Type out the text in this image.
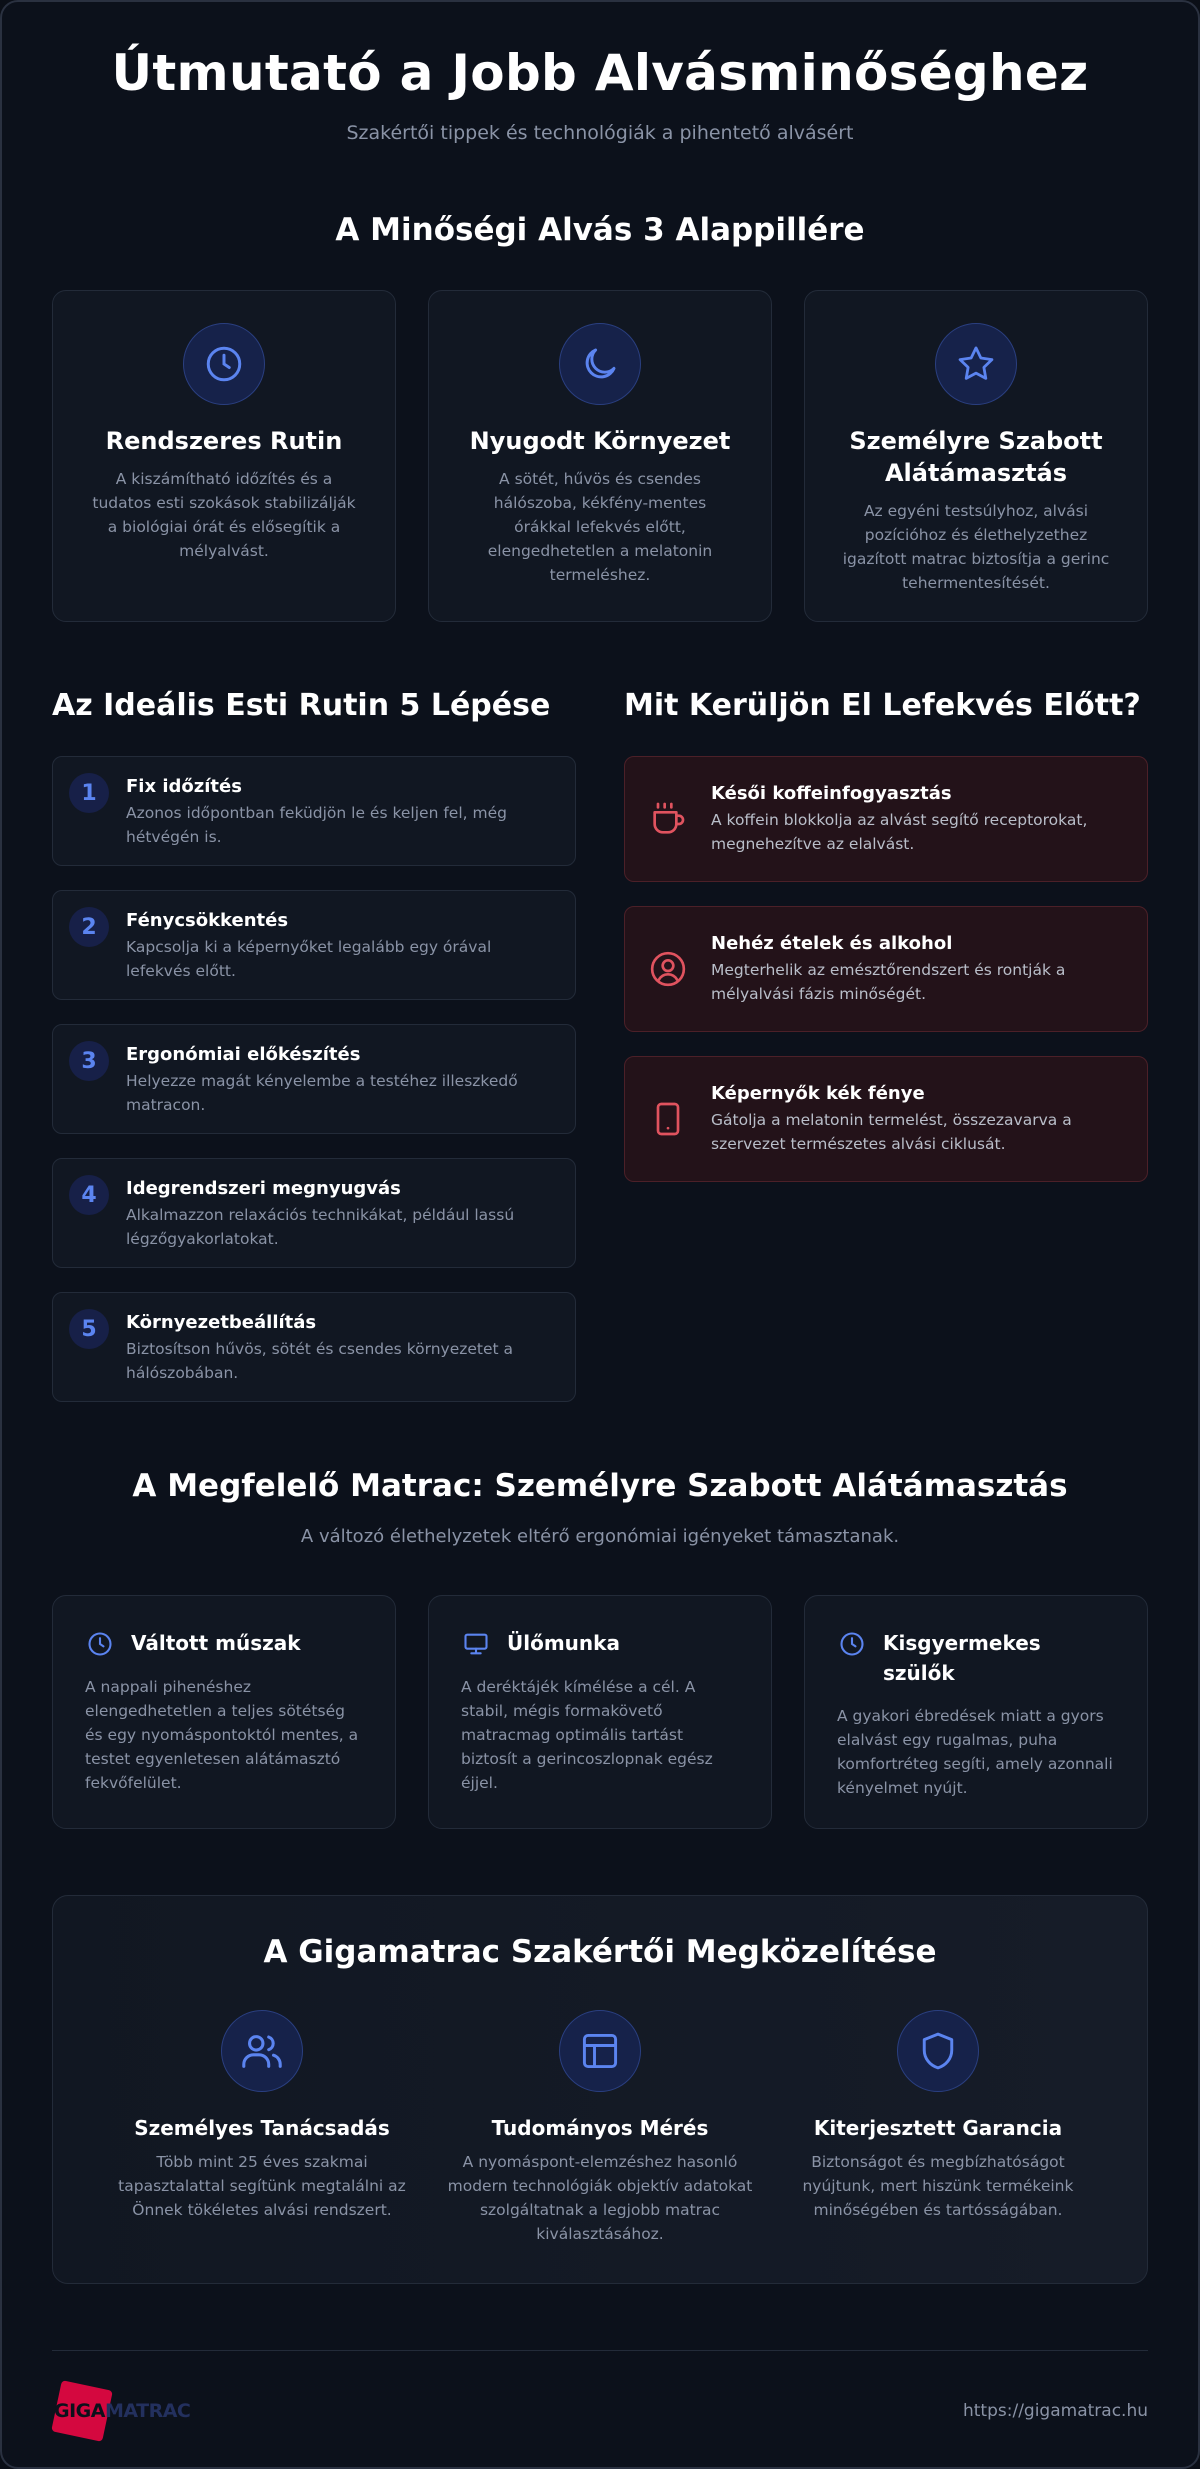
Útmutató a Jobb Alvásminőséghez
Szakértői tippek és technológiák a pihentető alvásért
A Minőségi Alvás 3 Alappillére
Rendszeres Rutin
A kiszámítható időzítés és a tudatos esti szokások stabilizálják a biológiai órát és elősegítik a mélyalvást.
Nyugodt Környezet
A sötét, hűvös és csendes hálószoba, kékfény-mentes órákkal lefekvés előtt, elengedhetetlen a melatonin termeléshez.
Személyre Szabott Alátámasztás
Az egyéni testsúlyhoz, alvási pozícióhoz és élethelyzethez igazított matrac biztosítja a gerinc tehermentesítését.
Az Ideális Esti Rutin 5 Lépése
1	Fix időzítés
Azonos időpontban feküdjön le és keljen fel, még hétvégén is.
2	Fénycsökkentés
Kapcsolja ki a képernyőket legalább egy órával lefekvés előtt.
3	Ergonómiai előkészítés
Helyezze magát kényelembe a testéhez illeszkedő matracon.
4	Idegrendszeri megnyugvás
Alkalmazzon relaxációs technikákat, például lassú légzőgyakorlatokat.
5	Környezetbeállítás
Biztosítson hűvös, sötét és csendes környezetet a hálószobában.
Mit Kerüljön El Lefekvés Előtt?
Késői koffeinfogyasztás
A koffein blokkolja az alvást segítő receptorokat, megnehezítve az elalvást.
Nehéz ételek és alkohol
Megterhelik az emésztőrendszert és rontják a mélyalvási fázis minőségét.
Képernyők kék fénye
Gátolja a melatonin termelést, összezavarva a szervezet természetes alvási ciklusát.
A Megfelelő Matrac: Személyre Szabott Alátámasztás
A változó élethelyzetek eltérő ergonómiai igényeket támasztanak.
Váltott műszak
A nappali pihenéshez elengedhetetlen a teljes sötétség és egy nyomáspontoktól mentes, a testet egyenletesen alátámasztó fekvőfelület.
Ülőmunka
A deréktájék kímélése a cél. A stabil, mégis formakövető matracmag optimális tartást biztosít a gerincoszlopnak egész éjjel.
Kisgyermekes szülők
A gyakori ébredések miatt a gyors elalvást egy rugalmas, puha komfortréteg segíti, amely azonnali kényelmet nyújt.
A Gigamatrac Szakértői Megközelítése
Személyes Tanácsadás
Több mint 25 éves szakmai tapasztalattal segítünk megtalálni az Önnek tökéletes alvási rendszert.
Tudományos Mérés
A nyomáspont-elemzéshez hasonló modern technológiák objektív adatokat szolgáltatnak a legjobb matrac kiválasztásához.
Kiterjesztett Garancia
Biztonságot és megbízhatóságot nyújtunk, mert hiszünk termékeink minőségében és tartósságában.
GIGAMATRAC	https://gigamatrac.hu
